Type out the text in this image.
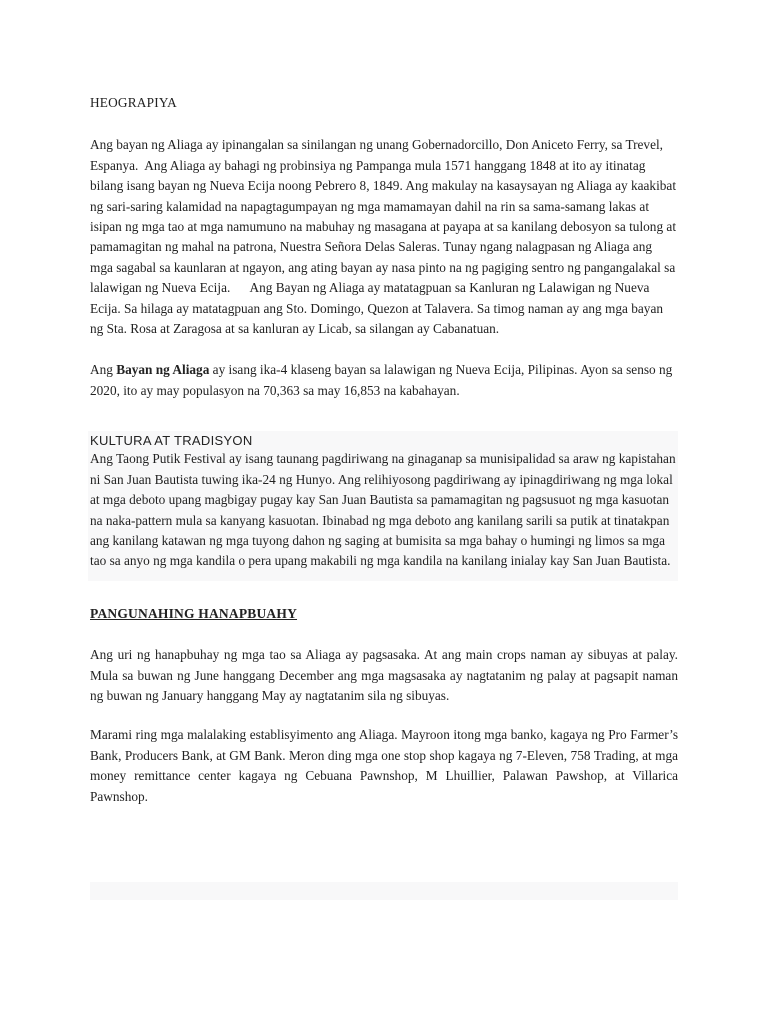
HEOGRAPIYA

Ang bayan ng Aliaga ay ipinangalan sa sinilangan ng unang Gobernadorcillo, Don Aniceto Ferry, sa Trevel, Espanya.  Ang Aliaga ay bahagi ng probinsiya ng Pampanga mula 1571 hanggang 1848 at ito ay itinatag bilang isang bayan ng Nueva Ecija noong Pebrero 8, 1849. Ang makulay na kasaysayan ng Aliaga ay kaakibat ng sari-saring kalamidad na napagtagumpayan ng mga mamamayan dahil na rin sa sama-samang lakas at isipan ng mga tao at mga namumuno na mabuhay ng masagana at payapa at sa kanilang debosyon sa tulong at pamamagitan ng mahal na patrona, Nuestra Señora Delas Saleras. Tunay ngang nalagpasan ng Aliaga ang mga sagabal sa kaunlaran at ngayon, ang ating bayan ay nasa pinto na ng pagiging sentro ng pangangalakal sa lalawigan ng Nueva Ecija.      Ang Bayan ng Aliaga ay matatagpuan sa Kanluran ng Lalawigan ng Nueva Ecija. Sa hilaga ay matatagpuan ang Sto. Domingo, Quezon at Talavera. Sa timog naman ay ang mga bayan ng Sta. Rosa at Zaragosa at sa kanluran ay Licab, sa silangan ay Cabanatuan.

Ang Bayan ng Aliaga ay isang ika-4 klaseng bayan sa lalawigan ng Nueva Ecija, Pilipinas. Ayon sa senso ng 2020, ito ay may populasyon na 70,363 sa may 16,853 na kabahayan.

KULTURA AT TRADISYON

Ang Taong Putik Festival ay isang taunang pagdiriwang na ginaganap sa munisipalidad sa araw ng kapistahan ni San Juan Bautista tuwing ika-24 ng Hunyo. Ang relihiyosong pagdiriwang ay ipinagdiriwang ng mga lokal at mga deboto upang magbigay pugay kay San Juan Bautista sa pamamagitan ng pagsusuot ng mga kasuotan na naka-pattern mula sa kanyang kasuotan. Ibinabad ng mga deboto ang kanilang sarili sa putik at tinatakpan ang kanilang katawan ng mga tuyong dahon ng saging at bumisita sa mga bahay o humingi ng limos sa mga tao sa anyo ng mga kandila o pera upang makabili ng mga kandila na kanilang inialay kay San Juan Bautista.

PANGUNAHING HANAPBUAHY

Ang uri ng hanapbuhay ng mga tao sa Aliaga ay pagsasaka. At ang main crops naman ay sibuyas at palay. Mula sa buwan ng June hanggang December ang mga magsasaka ay nagtatanim ng palay at pagsapit naman ng buwan ng January hanggang May ay nagtatanim sila ng sibuyas.

Marami ring mga malalaking establisyimento ang Aliaga. Mayroon itong mga banko, kagaya ng Pro Farmer’s Bank, Producers Bank, at GM Bank. Meron ding mga one stop shop kagaya ng 7-Eleven, 758 Trading, at mga money remittance center kagaya ng Cebuana Pawnshop, M Lhuillier, Palawan Pawshop, at Villarica Pawnshop.
